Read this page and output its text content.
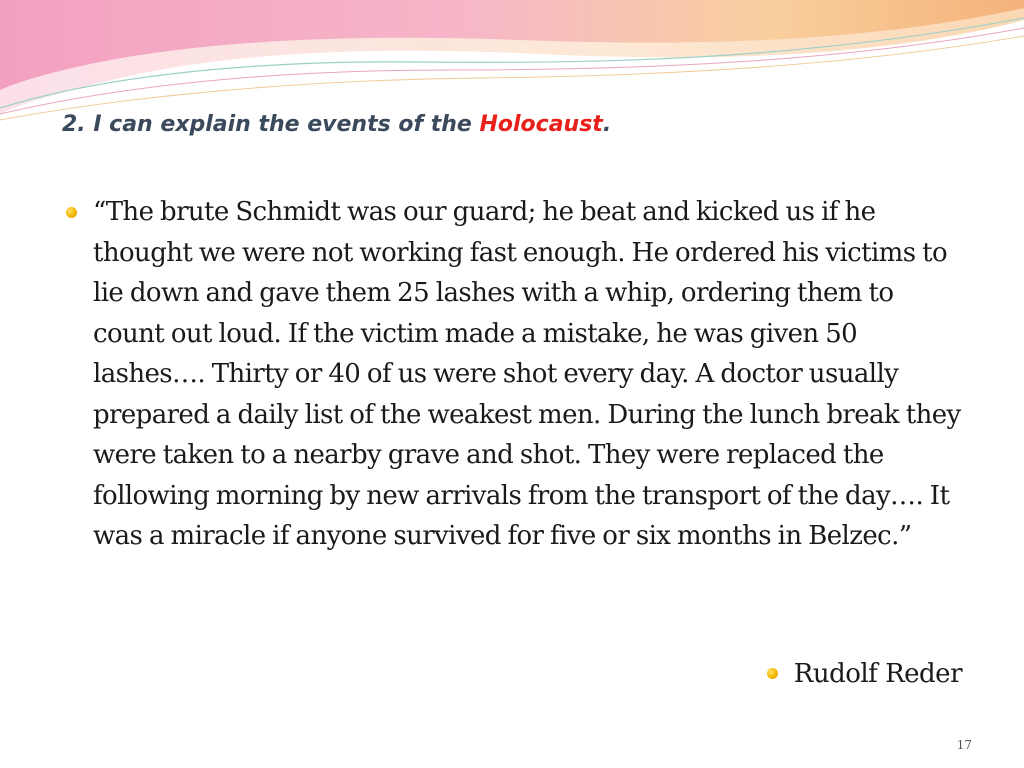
2. I can explain the events of the Holocaust.
“The brute Schmidt was our guard; he beat and kicked us if he thought we were not working fast enough. He ordered his victims to lie down and gave them 25 lashes with a whip, ordering them to count out loud. If the victim made a mistake, he was given 50 lashes…. Thirty or 40 of us were shot every day. A doctor usually prepared a daily list of the weakest men. During the lunch break they were taken to a nearby grave and shot. They were replaced the following morning by new arrivals from the transport of the day…. It was a miracle if anyone survived for five or six months in Belzec.”
Rudolf Reder
17
